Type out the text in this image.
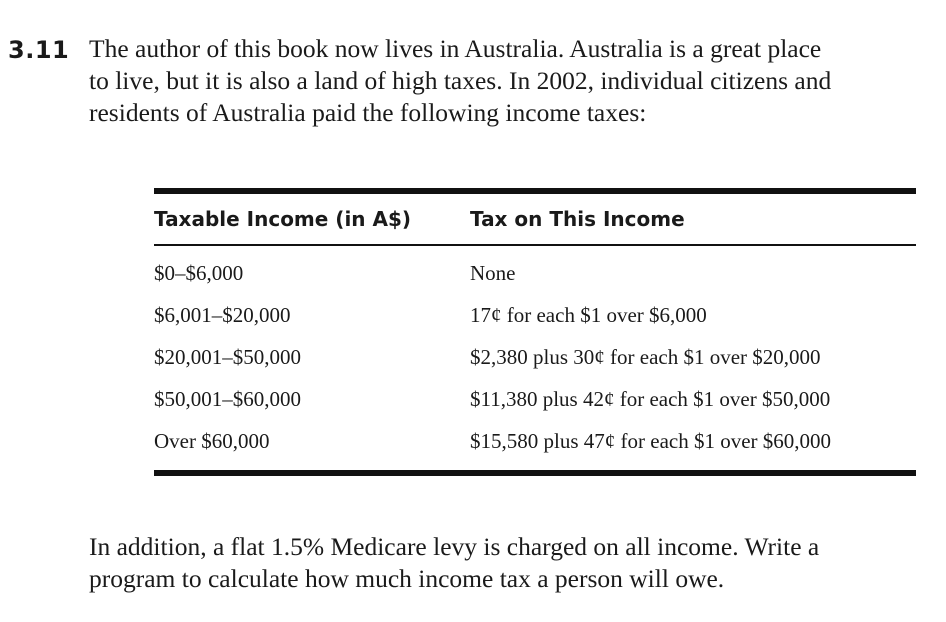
3.11 The author of this book now lives in Australia. Australia is a great place
to live, but it is also a land of high taxes. In 2002, individual citizens and
residents of Australia paid the following income taxes:

Taxable Income (in A$)	Tax on This Income
$0–$6,000	None
$6,001–$20,000	17¢ for each $1 over $6,000
$20,001–$50,000	$2,380 plus 30¢ for each $1 over $20,000
$50,001–$60,000	$11,380 plus 42¢ for each $1 over $50,000
Over $60,000	$15,580 plus 47¢ for each $1 over $60,000

In addition, a flat 1.5% Medicare levy is charged on all income. Write a
program to calculate how much income tax a person will owe.
